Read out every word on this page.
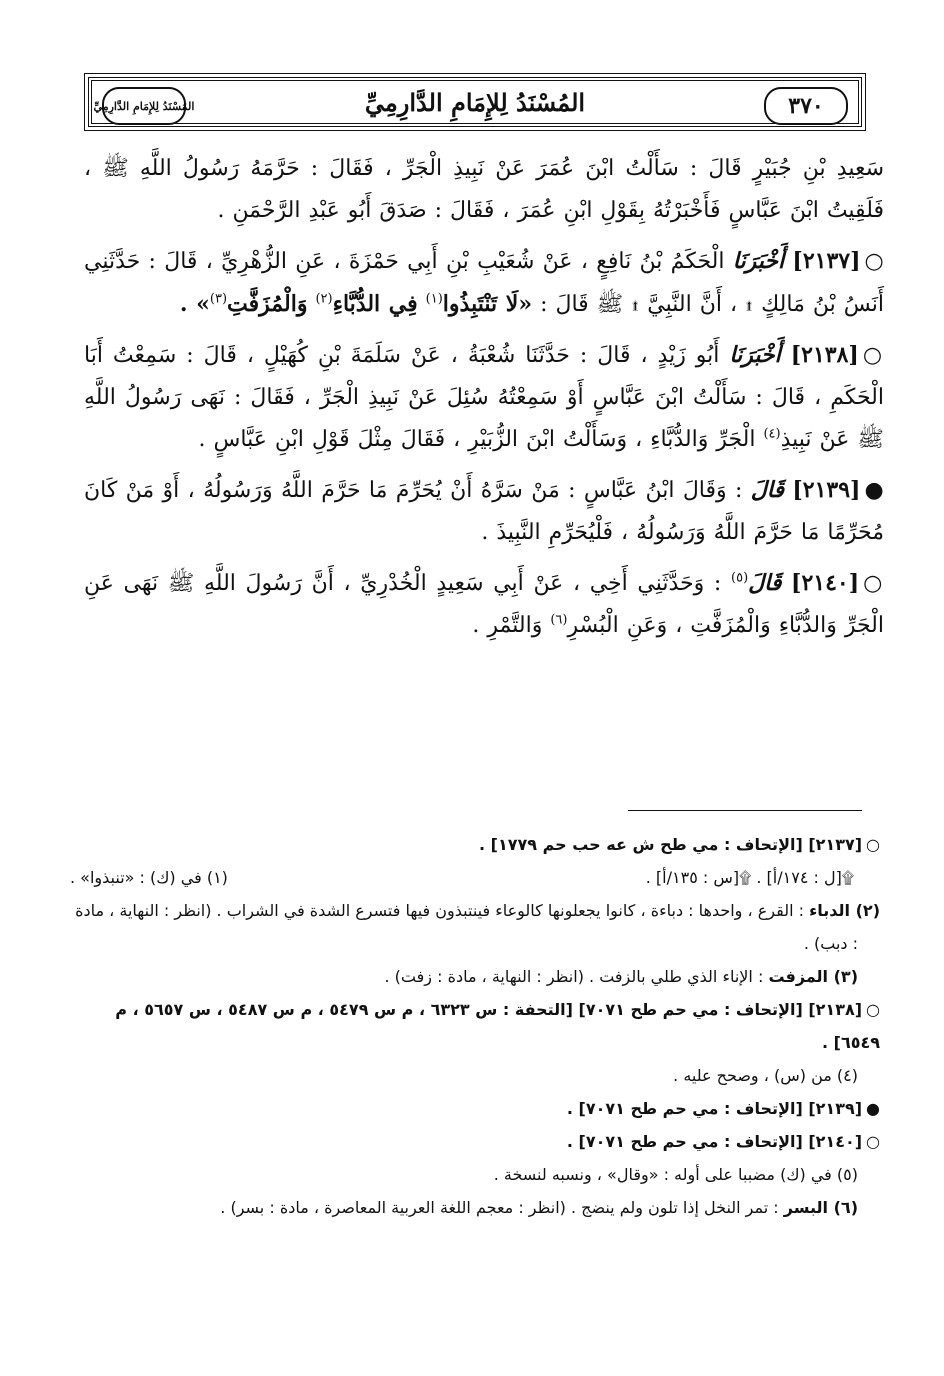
٣٧٠
المُسْنَدُ لِلإِمَامِ الدَّارِمِيِّ
المُسْنَدُ لِلإِمَامِ الدَّارِمِيِّ

سَعِيدِ بْنِ جُبَيْرٍ قَالَ : سَأَلْتُ ابْنَ عُمَرَ عَنْ نَبِيذِ الْجَرِّ ، فَقَالَ : حَرَّمَهُ رَسُولُ اللَّهِ ﷺ ، فَلَقِيتُ ابْنَ عَبَّاسٍ فَأَخْبَرْتُهُ بِقَوْلِ ابْنِ عُمَرَ ، فَقَالَ : صَدَقَ أَبُو عَبْدِ الرَّحْمَنِ .

○ [٢١٣٧] أَخْبَرَنَا الْحَكَمُ بْنُ نَافِعٍ ، عَنْ شُعَيْبِ بْنِ أَبِي حَمْزَةَ ، عَنِ الزُّهْرِيِّ ، قَالَ : حَدَّثَنِي أَنَسُ بْنُ مَالِكٍ ۩ ، أَنَّ النَّبِيَّ ۩ ﷺ قَالَ : «لَا تَنْتَبِذُوا$^{(١)}$ فِي الدُّبَّاءِ$^{(٢)}$ وَالْمُزَفَّتِ$^{(٣)}$» .

○ [٢١٣٨] أَخْبَرَنَا أَبُو زَيْدٍ ، قَالَ : حَدَّثَنَا شُعْبَةُ ، عَنْ سَلَمَةَ بْنِ كُهَيْلٍ ، قَالَ : سَمِعْتُ أَبَا الْحَكَمِ ، قَالَ : سَأَلْتُ ابْنَ عَبَّاسٍ أَوْ سَمِعْتُهُ سُئِلَ عَنْ نَبِيذِ الْجَرِّ ، فَقَالَ : نَهَى رَسُولُ اللَّهِ ﷺ عَنْ نَبِيذِ$^{(٤)}$ الْجَرِّ وَالدُّبَّاءِ ، وَسَأَلْتُ ابْنَ الزُّبَيْرِ ، فَقَالَ مِثْلَ قَوْلِ ابْنِ عَبَّاسٍ .

● [٢١٣٩] قَالَ : وَقَالَ ابْنُ عَبَّاسٍ : مَنْ سَرَّهُ أَنْ يُحَرِّمَ مَا حَرَّمَ اللَّهُ وَرَسُولُهُ ، أَوْ مَنْ كَانَ مُحَرِّمًا مَا حَرَّمَ اللَّهُ وَرَسُولُهُ ، فَلْيُحَرِّمِ النَّبِيذَ .

○ [٢١٤٠] قَالَ$^{(٥)}$ : وَحَدَّثَنِي أَخِي ، عَنْ أَبِي سَعِيدٍ الْخُدْرِيِّ ، أَنَّ رَسُولَ اللَّهِ ﷺ نَهَى عَنِ الْجَرِّ وَالدُّبَّاءِ وَالْمُزَفَّتِ ، وَعَنِ الْبُسْرِ$^{(٦)}$ وَالتَّمْرِ .

○ [٢١٣٧] [الإتحاف : مي طح ش عه حب حم ١٧٧٩] .

۩[ل : ١٧٤/أ] . ۩[س : ١٣٥/أ] .
(١) في (ك) : «تنبذوا» .

(٢) الدباء : القرع ، واحدها : دباءة ، كانوا يجعلونها كالوعاء فينتبذون فيها فتسرع الشدة في الشراب . (انظر : النهاية ، مادة : دبب) .

(٣) المزفت : الإناء الذي طلي بالزفت . (انظر : النهاية ، مادة : زفت) .

○ [٢١٣٨] [الإتحاف : مي حم طح ٧٠٧١] [التحفة : س ٦٣٢٣ ، م س ٥٤٧٩ ، م س ٥٤٨٧ ، س ٥٦٥٧ ، م ٦٥٤٩] .

(٤) من (س) ، وصحح عليه .

● [٢١٣٩] [الإتحاف : مي حم طح ٧٠٧١] .

○ [٢١٤٠] [الإتحاف : مي حم طح ٧٠٧١] .

(٥) في (ك) مضببا على أوله : «وقال» ، ونسبه لنسخة .

(٦) البسر : تمر النخل إذا تلون ولم ينضج . (انظر : معجم اللغة العربية المعاصرة ، مادة : بسر) .
